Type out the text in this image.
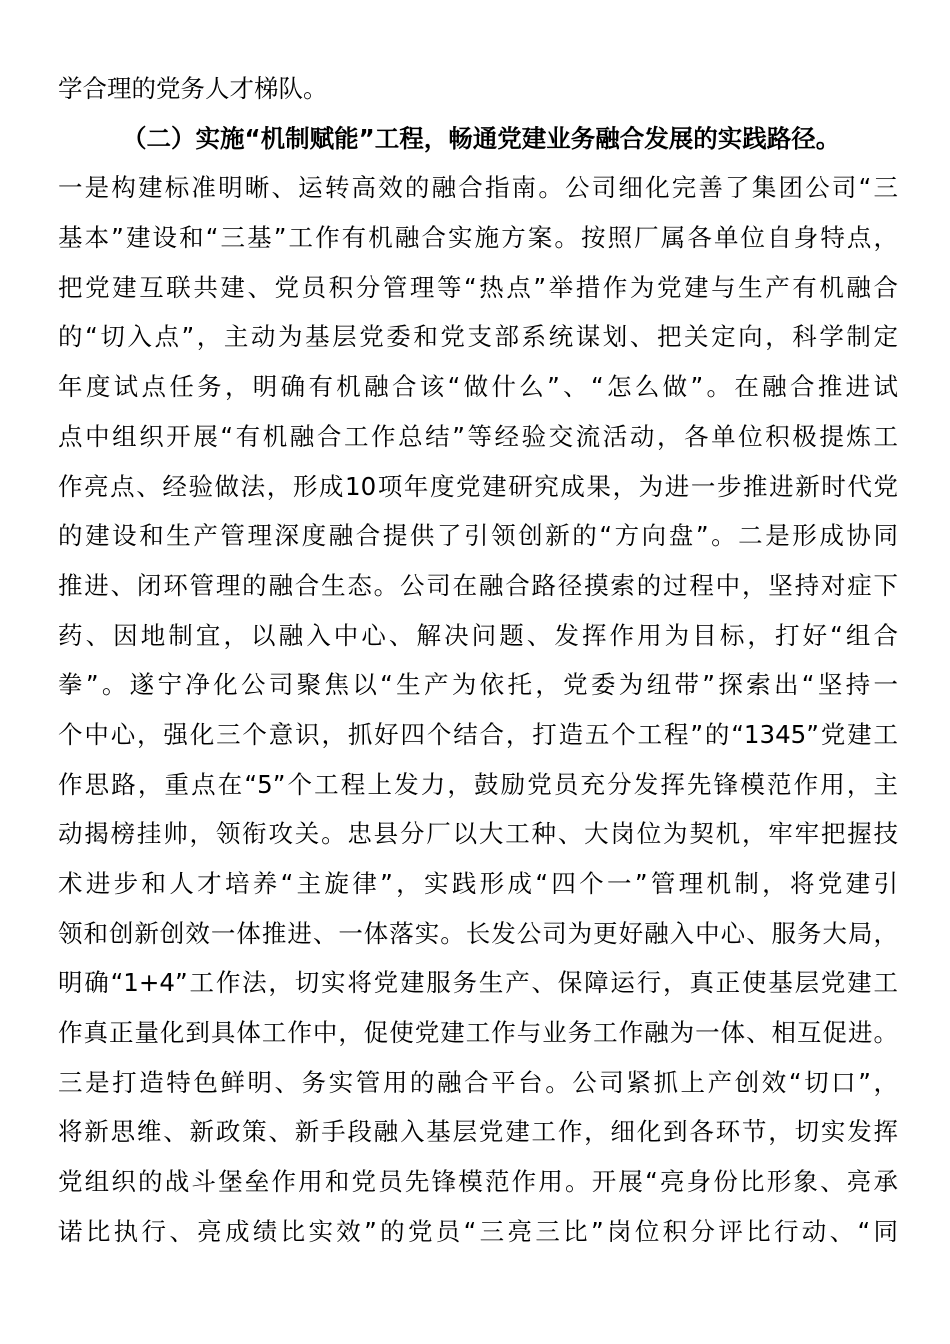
学合理的党务人才梯队。
（二）实施“机制赋能”工程，畅通党建业务融合发展的实践路径。
一是构建标准明晰、运转高效的融合指南。公司细化完善了集团公司“三
基本”建设和“三基”工作有机融合实施方案。按照厂属各单位自身特点，
把党建互联共建、党员积分管理等“热点”举措作为党建与生产有机融合
的“切入点”，主动为基层党委和党支部系统谋划、把关定向，科学制定
年度试点任务，明确有机融合该“做什么”、“怎么做”。在融合推进试
点中组织开展“有机融合工作总结”等经验交流活动，各单位积极提炼工
作亮点、经验做法，形成10项年度党建研究成果，为进一步推进新时代党
的建设和生产管理深度融合提供了引领创新的“方向盘”。二是形成协同
推进、闭环管理的融合生态。公司在融合路径摸索的过程中，坚持对症下
药、因地制宜，以融入中心、解决问题、发挥作用为目标，打好“组合
拳”。遂宁净化公司聚焦以“生产为依托，党委为纽带”探索出“坚持一
个中心，强化三个意识，抓好四个结合，打造五个工程”的“1345”党建工
作思路，重点在“5”个工程上发力，鼓励党员充分发挥先锋模范作用，主
动揭榜挂帅，领衔攻关。忠县分厂以大工种、大岗位为契机，牢牢把握技
术进步和人才培养“主旋律”，实践形成“四个一”管理机制，将党建引
领和创新创效一体推进、一体落实。长发公司为更好融入中心、服务大局，
明确“1+4”工作法，切实将党建服务生产、保障运行，真正使基层党建工
作真正量化到具体工作中，促使党建工作与业务工作融为一体、相互促进。
三是打造特色鲜明、务实管用的融合平台。公司紧抓上产创效“切口”，
将新思维、新政策、新手段融入基层党建工作，细化到各环节，切实发挥
党组织的战斗堡垒作用和党员先锋模范作用。开展“亮身份比形象、亮承
诺比执行、亮成绩比实效”的党员“三亮三比”岗位积分评比行动、“同
